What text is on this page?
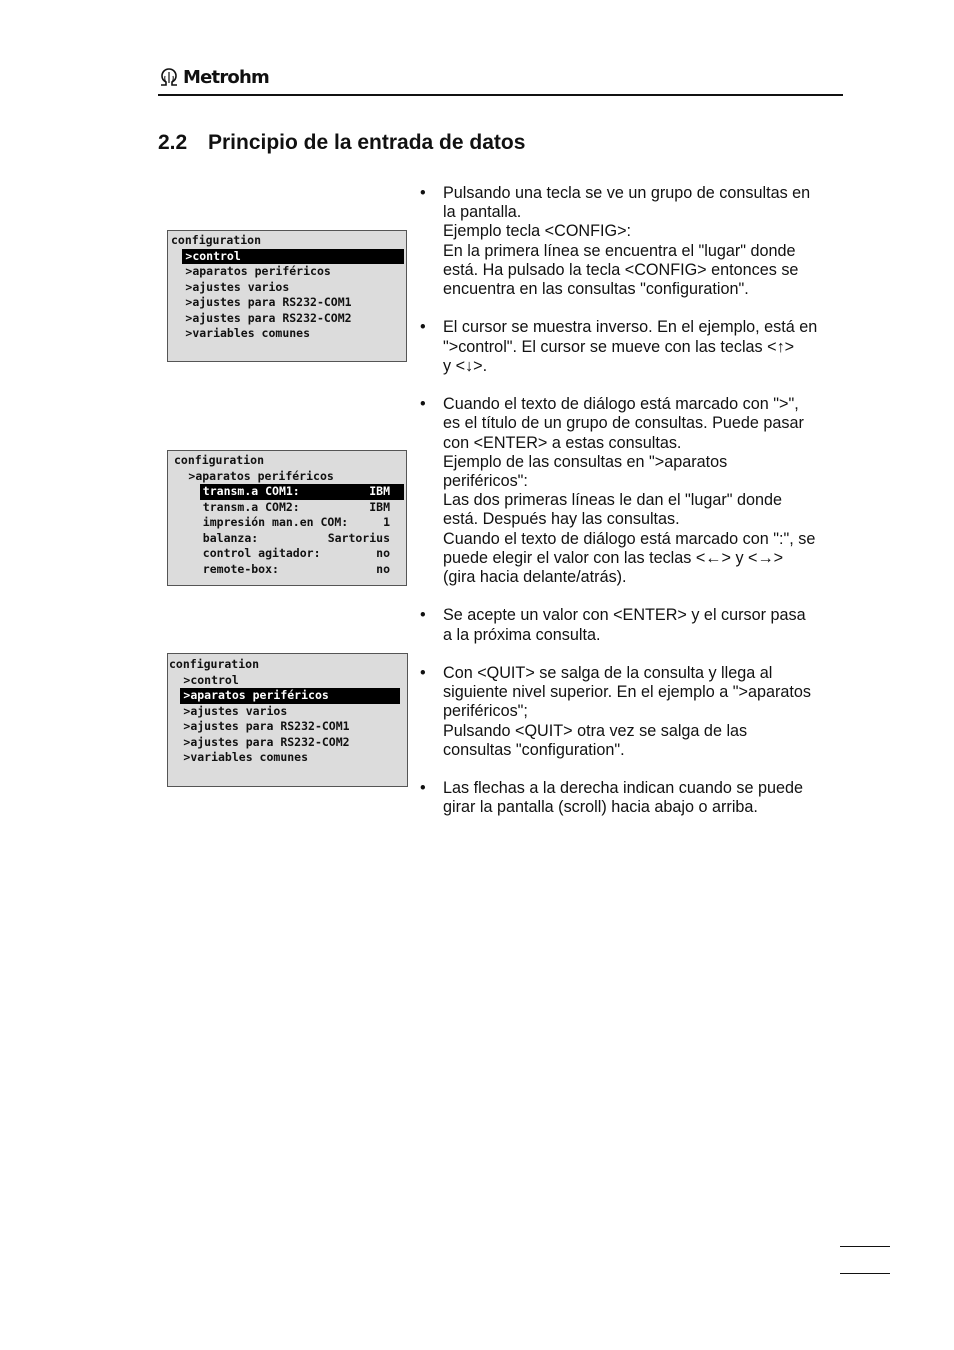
Metrohm
2.2 Principio de la entrada de datos
configuration
>control
>aparatos periféricos
>ajustes varios
>ajustes para RS232-COM1
>ajustes para RS232-COM2
>variables comunes
configuration
>aparatos periféricos
transm.a COM1:	IBM
transm.a COM2:	IBM
impresión man.en COM:	1
balanza:	Sartorius
control agitador:	no
remote-box:	no
configuration
>control
>aparatos periféricos
>ajustes varios
>ajustes para RS232-COM1
>ajustes para RS232-COM2
>variables comunes
• Pulsando una tecla se ve un grupo de consultas en
la pantalla.
Ejemplo tecla <CONFIG>:
En la primera línea se encuentra el "lugar" donde
está. Ha pulsado la tecla <CONFIG> entonces se
encuentra en las consultas "configuration".
• El cursor se muestra inverso. En el ejemplo, está en
">control". El cursor se mueve con las teclas <↑>
y <↓>.
• Cuando el texto de diálogo está marcado con ">",
es el título de un grupo de consultas. Puede pasar
con <ENTER> a estas consultas.
Ejemplo de las consultas en ">aparatos
periféricos":
Las dos primeras líneas le dan el "lugar" donde
está. Después hay las consultas.
Cuando el texto de diálogo está marcado con ":", se
puede elegir el valor con las teclas <←> y <→>
(gira hacia delante/atrás).
• Se acepte un valor con <ENTER> y el cursor pasa
a la próxima consulta.
• Con <QUIT> se salga de la consulta y llega al
siguiente nivel superior. En el ejemplo a ">aparatos
periféricos";
Pulsando <QUIT> otra vez se salga de las
consultas "configuration".
• Las flechas a la derecha indican cuando se puede
girar la pantalla (scroll) hacia abajo o arriba.
